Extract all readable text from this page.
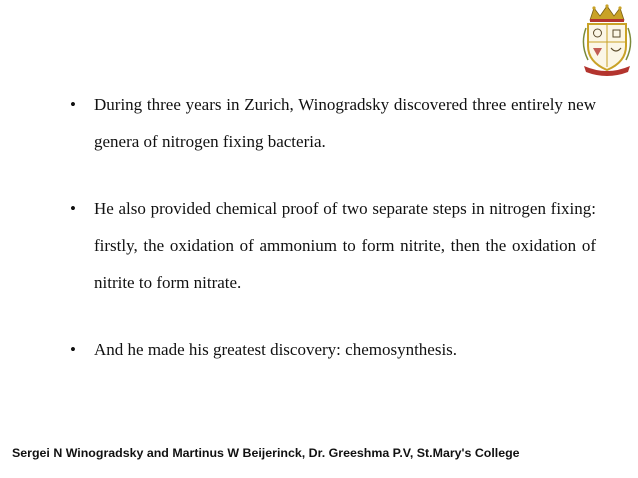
• During three years in Zurich, Winogradsky discovered three entirely new genera of nitrogen fixing bacteria.
• He also provided chemical proof of two separate steps in nitrogen fixing: firstly, the oxidation of ammonium to form nitrite, then the oxidation of nitrite to form nitrate.
• And he made his greatest discovery: chemosynthesis.
Sergei N Winogradsky and Martinus W Beijerinck, Dr. Greeshma P.V, St.Mary's College
